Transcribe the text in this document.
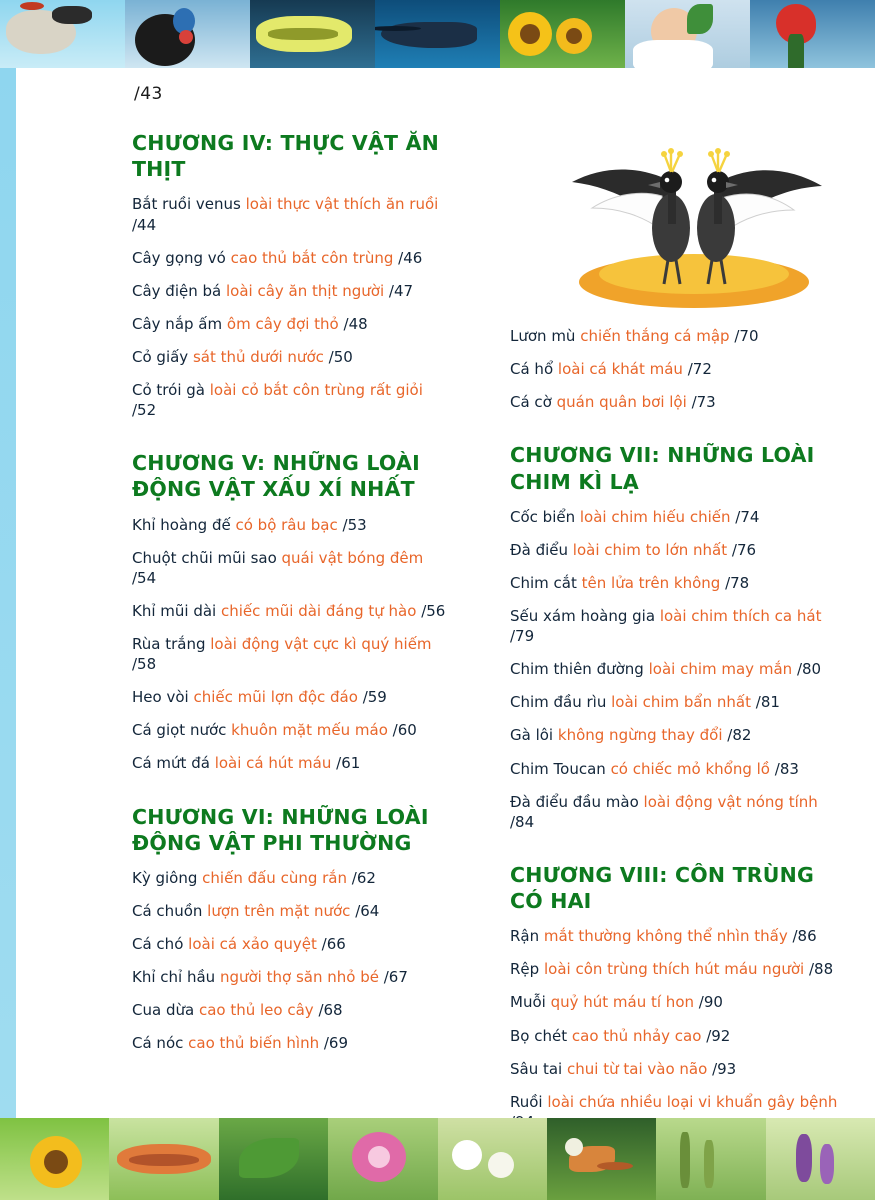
/43
CHƯƠNG IV: THỰC VẬT ĂN THỊT
Bắt ruồi venus loài thực vật thích ăn ruồi /44
Cây gọng vó cao thủ bắt côn trùng /46
Cây điện bá loài cây ăn thịt người /47
Cây nắp ấm ôm cây đợi thỏ /48
Cỏ giấy sát thủ dưới nước /50
Cỏ trói gà loài cỏ bắt côn trùng rất giỏi /52
CHƯƠNG V: NHỮNG LOÀI ĐỘNG VẬT XẤU XÍ NHẤT
Khỉ hoàng đế có bộ râu bạc /53
Chuột chũi mũi sao quái vật bóng đêm /54
Khỉ mũi dài chiếc mũi dài đáng tự hào /56
Rùa trắng loài động vật cực kì quý hiếm /58
Heo vòi chiếc mũi lợn độc đáo /59
Cá giọt nước khuôn mặt mếu máo /60
Cá mứt đá loài cá hút máu /61
CHƯƠNG VI: NHỮNG LOÀI ĐỘNG VẬT PHI THƯỜNG
Kỳ giông chiến đấu cùng rắn /62
Cá chuồn lượn trên mặt nước /64
Cá chó loài cá xảo quyệt /66
Khỉ chỉ hầu người thợ săn nhỏ bé /67
Cua dừa cao thủ leo cây /68
Cá nóc cao thủ biến hình /69
Lươn mù chiến thắng cá mập /70
Cá hổ loài cá khát máu /72
Cá cờ quán quân bơi lội /73
CHƯƠNG VII: NHỮNG LOÀI CHIM KÌ LẠ
Cốc biển loài chim hiếu chiến /74
Đà điểu loài chim to lớn nhất /76
Chim cắt tên lửa trên không /78
Sếu xám hoàng gia loài chim thích ca hát /79
Chim thiên đường loài chim may mắn /80
Chim đầu rìu loài chim bẩn nhất /81
Gà lôi không ngừng thay đổi /82
Chim Toucan có chiếc mỏ khổng lồ /83
Đà điểu đầu mào loài động vật nóng tính /84
CHƯƠNG VIII: CÔN TRÙNG CÓ HAI
Rận mắt thường không thể nhìn thấy /86
Rệp loài côn trùng thích hút máu người /88
Muỗi quỷ hút máu tí hon /90
Bọ chét cao thủ nhảy cao /92
Sâu tai chui từ tai vào não /93
Ruồi loài chứa nhiều loại vi khuẩn gây bệnh
